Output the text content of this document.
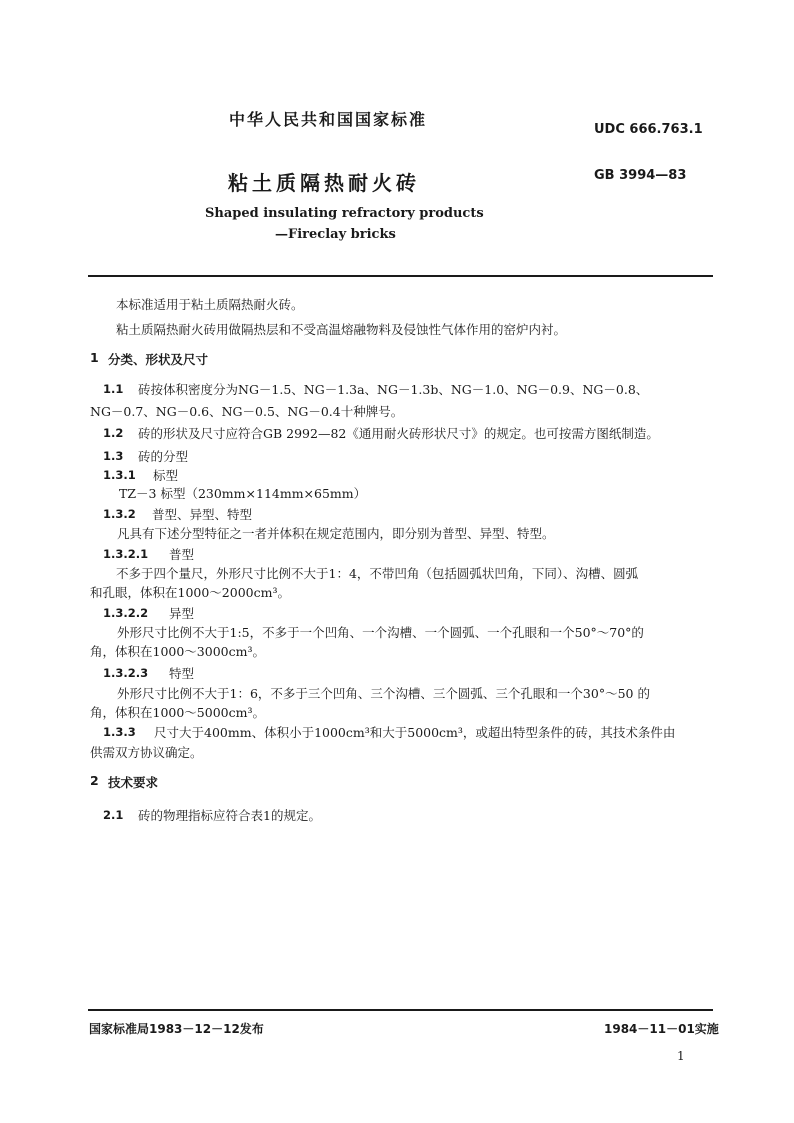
中华人民共和国国家标准
UDC 666.763.1
粘土质隔热耐火砖	GB 3994—83
Shaped insulating refractory products
—Fireclay bricks
本标准适用于粘土质隔热耐火砖。
粘土质隔热耐火砖用做隔热层和不受高温熔融物料及侵蚀性气体作用的窑炉内衬。
1 分类、形状及尺寸
1.1 砖按体积密度分为NG－1.5、NG－1.3a、NG－1.3b、NG－1.0、NG－0.9、NG－0.8、
NG－0.7、NG－0.6、NG－0.5、NG－0.4十种牌号。
1.2 砖的形状及尺寸应符合GB 2992—82《通用耐火砖形状尺寸》的规定。也可按需方图纸制造。
1.3 砖的分型
1.3.1 标型
TZ－3 标型（230mm×114mm×65mm）
1.3.2 普型、异型、特型
凡具有下述分型特征之一者并体积在规定范围内，即分别为普型、异型、特型。
1.3.2.1 普型
不多于四个量尺，外形尺寸比例不大于1：4，不带凹角（包括圆弧状凹角，下同）、沟槽、圆弧
和孔眼，体积在1000～2000cm³。
1.3.2.2 异型
外形尺寸比例不大于1:5，不多于一个凹角、一个沟槽、一个圆弧、一个孔眼和一个50°～70°的
角，体积在1000～3000cm³。
1.3.2.3 特型
外形尺寸比例不大于1：6，不多于三个凹角、三个沟槽、三个圆弧、三个孔眼和一个30°～50 的
角，体积在1000～5000cm³。
1.3.3 尺寸大于400mm、体积小于1000cm³和大于5000cm³，或超出特型条件的砖，其技术条件由
供需双方协议确定。
2 技术要求
2.1 砖的物理指标应符合表1的规定。
国家标准局1983－12－12发布	1984－11－01实施
1
